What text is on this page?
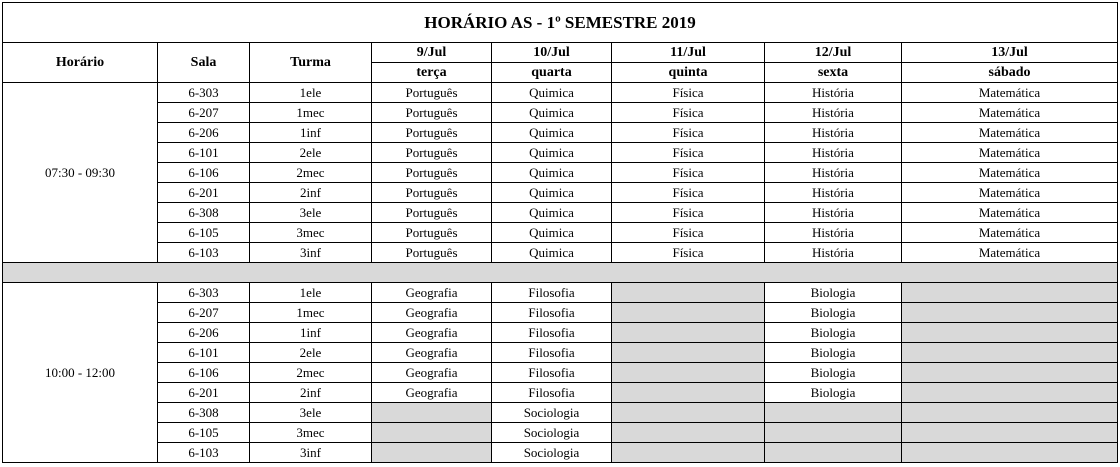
HORÁRIO AS - 1º SEMESTRE 2019							
Horário	Sala	Turma	9/Jul	10/Jul	11/Jul	12/Jul	13/Jul
			terça	quarta	quinta	sexta	sábado
07:30 - 09:30	6-303	1ele	Português	Quimica	Física	História	Matemática
	6-207	1mec	Português	Quimica	Física	História	Matemática
	6-206	1inf	Português	Quimica	Física	História	Matemática
	6-101	2ele	Português	Quimica	Física	História	Matemática
	6-106	2mec	Português	Quimica	Física	História	Matemática
	6-201	2inf	Português	Quimica	Física	História	Matemática
	6-308	3ele	Português	Quimica	Física	História	Matemática
	6-105	3mec	Português	Quimica	Física	História	Matemática
	6-103	3inf	Português	Quimica	Física	História	Matemática

10:00 - 12:00	6-303	1ele	Geografia	Filosofia		Biologia	
	6-207	1mec	Geografia	Filosofia		Biologia	
	6-206	1inf	Geografia	Filosofia		Biologia	
	6-101	2ele	Geografia	Filosofia		Biologia	
	6-106	2mec	Geografia	Filosofia		Biologia	
	6-201	2inf	Geografia	Filosofia		Biologia	
	6-308	3ele		Sociologia			
	6-105	3mec		Sociologia			
	6-103	3inf		Sociologia			
